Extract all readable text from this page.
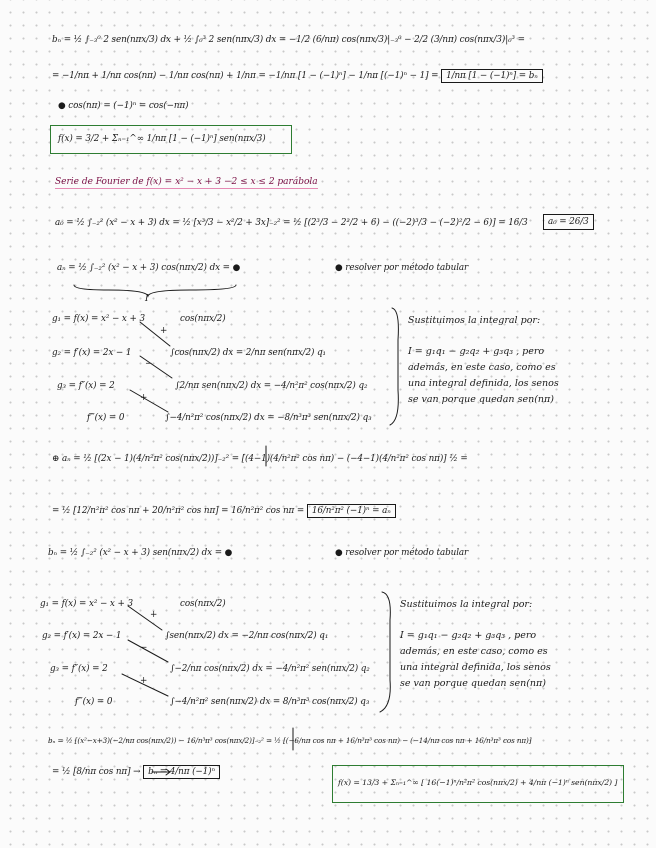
bₙ = ½ ∫₋₃⁰ 2 sen(nπx/3) dx + ½ ∫₀³ 2 sen(nπx/3) dx = −1/2 (6/nπ) cos(nπx/3)|₋₃⁰ − 2/2 (3/nπ) cos(nπx/3)|₀³ =
= −1/nπ + 1/nπ cos(nπ) − 1/nπ cos(nπ) + 1/nπ = −1/nπ [1 − (−1)ⁿ] − 1/nπ [(−1)ⁿ − 1] = 1/nπ [1 − (−1)ⁿ] = bₙ
● cos(nπ) = (−1)ⁿ = cos(−nπ)
f(x) = 3/2 + Σₙ₌₁^∞ 1/nπ [1 − (−1)ⁿ] sen(nπx/3)
Serie de Fourier de f(x) = x² − x + 3 −2 ≤ x ≤ 2 parábola
a₀ = ½ ∫₋₂² (x² − x + 3) dx = ½ [x³/3 − x²/2 + 3x]₋₂² = ½ [(2³/3 − 2²/2 + 6) − ((−2)³/3 − (−2)²/2 − 6)] = 16/3	a₀ = 26/3
aₙ = ½ ∫₋₂² (x² − x + 3) cos(nπx/2) dx = ●
I
● resolver por método tabular
g₁ = f(x) = x² − x + 3
g₂ = f′(x) = 2x − 1
g₃ = f″(x) = 2
f‴(x) = 0
cos(nπx/2)
∫cos(nπx/2) dx = 2/nπ sen(nπx/2) q₁
∫2/nπ sen(nπx/2) dx = −4/n²π² cos(nπx/2) q₂
∫−4/n²π² cos(nπx/2) dx = −8/n³π³ sen(nπx/2) q₃
+
−
+
Sustituimos la integral por:
I = g₁q₁ − g₂q₂ + g₃q₃ , pero
además, en este caso, como es
una integral definida, los senos
se van porque quedan sen(nπ)
⊕ aₙ = ½ [(2x − 1)(4/n²π² cos(nπx/2))]₋₂² = [(4−1)(4/n²π² cos nπ) − (−4−1)(4/n²π² cos nπ)] ½ =
= ½ [12/n²π² cos nπ + 20/n²π² cos nπ] = 16/n²π² cos nπ = 16/n²π² (−1)ⁿ = aₙ
bₙ = ½ ∫₋₂² (x² − x + 3) sen(nπx/2) dx = ●	● resolver por método tabular
g₁ = f(x) = x² − x + 3
g₂ = f′(x) = 2x − 1
g₃ = f″(x) = 2
f‴(x) = 0
cos(nπx/2)
∫sen(nπx/2) dx = −2/nπ cos(nπx/2) q₁
∫−2/nπ cos(nπx/2) dx = −4/n²π² sen(nπx/2) q₂
∫−4/n²π² sen(nπx/2) dx = 8/n³π³ cos(nπx/2) q₃
+
−
+
Sustituimos la integral por:
I = g₁q₁ − g₂q₂ + g₃q₃ , pero
además, en este caso, como es
una integral definida, los senos
se van porque quedan sen(nπ)
bₙ = ½ [(x²−x+3)(−2/nπ cos(nπx/2)) − 16/n³π³ cos(nπx/2)]₋₂² = ½ [(−6/nπ cos nπ + 16/n³π³ cos nπ) − (−14/nπ cos nπ + 16/n³π³ cos nπ)]
= ½ [8/nπ cos nπ] → bₙ = 4/nπ (−1)ⁿ
f(x) = 13/3 + Σₙ₌₁^∞ [ 16(−1)ⁿ/n²π² cos(nπx/2) + 4/nπ (−1)ⁿ sen(nπx/2) ]
